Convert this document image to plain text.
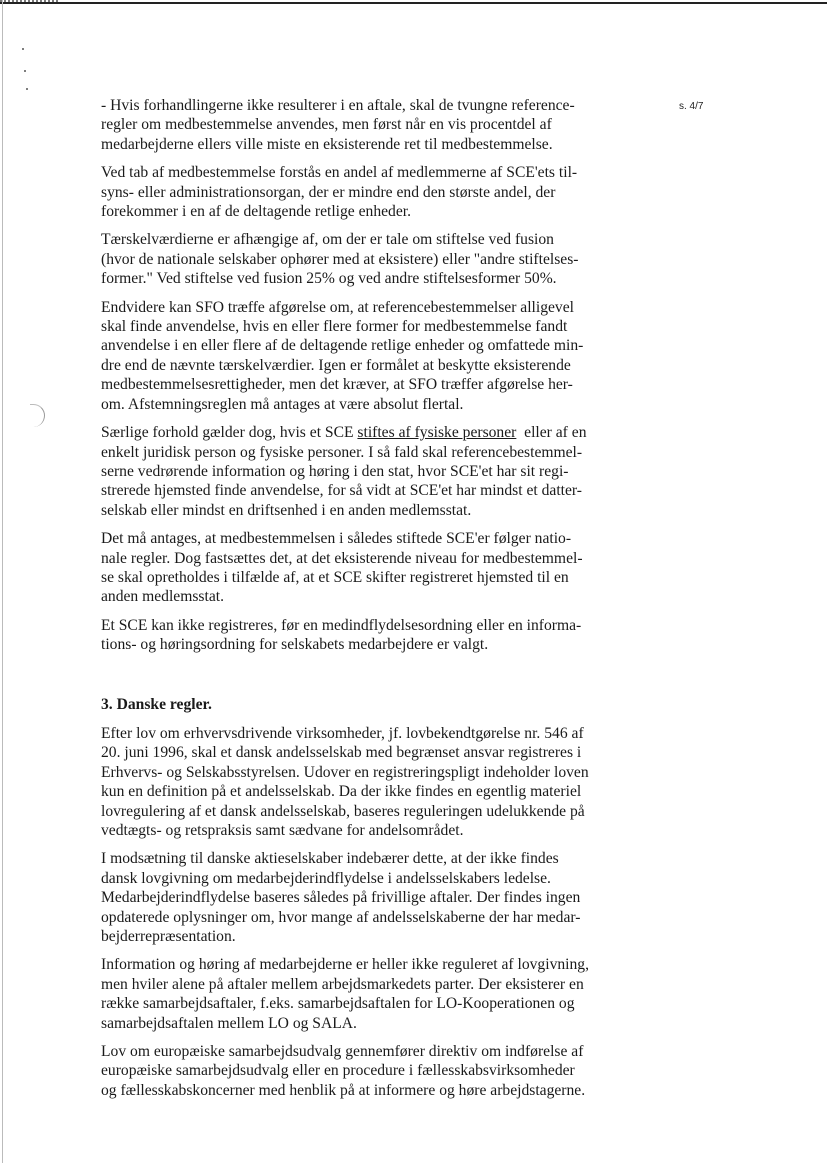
s. 4/7

- Hvis forhandlingerne ikke resulterer i en aftale, skal de tvungne reference-
regler om medbestemmelse anvendes, men først når en vis procentdel af
medarbejderne ellers ville miste en eksisterende ret til medbestemmelse.

Ved tab af medbestemmelse forstås en andel af medlemmerne af SCE'ets til-
syns- eller administrationsorgan, der er mindre end den største andel, der
forekommer i en af de deltagende retlige enheder.

Tærskelværdierne er afhængige af, om der er tale om stiftelse ved fusion
(hvor de nationale selskaber ophører med at eksistere) eller "andre stiftelses-
former." Ved stiftelse ved fusion 25% og ved andre stiftelsesformer 50%.

Endvidere kan SFO træffe afgørelse om, at referencebestemmelser alligevel
skal finde anvendelse, hvis en eller flere former for medbestemmelse fandt
anvendelse i en eller flere af de deltagende retlige enheder og omfattede min-
dre end de nævnte tærskelværdier. Igen er formålet at beskytte eksisterende
medbestemmelsesrettigheder, men det kræver, at SFO træffer afgørelse her-
om. Afstemningsreglen må antages at være absolut flertal.

Særlige forhold gælder dog, hvis et SCE stiftes af fysiske personer  eller af en
enkelt juridisk person og fysiske personer. I så fald skal referencebestemmel-
serne vedrørende information og høring i den stat, hvor SCE'et har sit regi-
strerede hjemsted finde anvendelse, for så vidt at SCE'et har mindst et datter-
selskab eller mindst en driftsenhed i en anden medlemsstat.

Det må antages, at medbestemmelsen i således stiftede SCE'er følger natio-
nale regler. Dog fastsættes det, at det eksisterende niveau for medbestemmel-
se skal opretholdes i tilfælde af, at et SCE skifter registreret hjemsted til en
anden medlemsstat.

Et SCE kan ikke registreres, før en medindflydelsesordning eller en informa-
tions- og høringsordning for selskabets medarbejdere er valgt.

3. Danske regler.

Efter lov om erhvervsdrivende virksomheder, jf. lovbekendtgørelse nr. 546 af
20. juni 1996, skal et dansk andelsselskab med begrænset ansvar registreres i
Erhvervs- og Selskabsstyrelsen. Udover en registreringspligt indeholder loven
kun en definition på et andelsselskab. Da der ikke findes en egentlig materiel
lovregulering af et dansk andelsselskab, baseres reguleringen udelukkende på
vedtægts- og retspraksis samt sædvane for andelsområdet.

I modsætning til danske aktieselskaber indebærer dette, at der ikke findes
dansk lovgivning om medarbejderindflydelse i andelsselskabers ledelse.
Medarbejderindflydelse baseres således på frivillige aftaler. Der findes ingen
opdaterede oplysninger om, hvor mange af andelsselskaberne der har medar-
bejderrepræsentation.

Information og høring af medarbejderne er heller ikke reguleret af lovgivning,
men hviler alene på aftaler mellem arbejdsmarkedets parter. Der eksisterer en
række samarbejdsaftaler, f.eks. samarbejdsaftalen for LO-Kooperationen og
samarbejdsaftalen mellem LO og SALA.

Lov om europæiske samarbejdsudvalg gennemfører direktiv om indførelse af
europæiske samarbejdsudvalg eller en procedure i fællesskabsvirksomheder
og fællesskabskoncerner med henblik på at informere og høre arbejdstagerne.
